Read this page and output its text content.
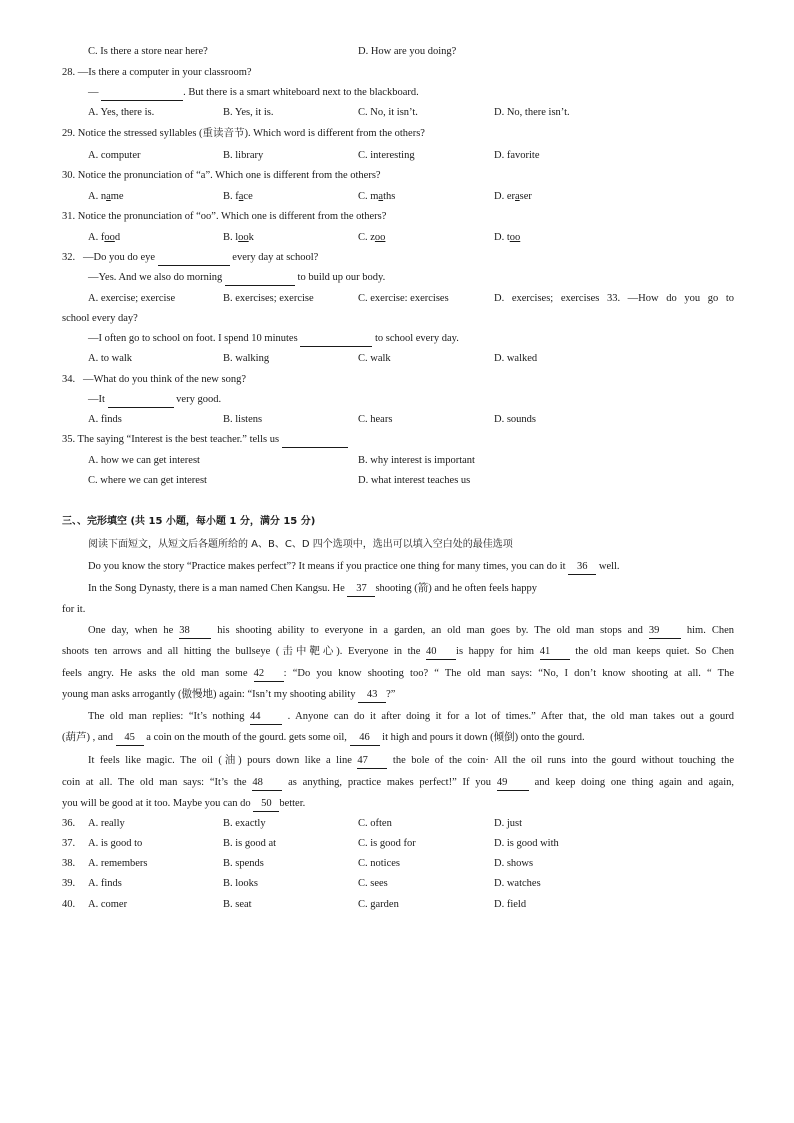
C. Is there a store near here?	D. How are you doing?
28. —Is there a computer in your classroom?
—	. But there is a smart whiteboard next to the blackboard.
A. Yes, there is.	B. Yes, it is.	C. No, it isn’t.	D. No, there isn’t.
29. Notice the stressed syllables (重读音节). Which word is different from the others?
A. computer	B. library	C. interesting	D. favorite
30. Notice the pronunciation of “a”. Which one is different from the others?
A. name	B. face	C. maths	D. eraser
31. Notice the pronunciation of “oo”. Which one is different from the others?
A. food	B. look	C. zoo	D. too
32. —Do you do eye	every day at school?
—Yes. And we also do morning	to build up our body.
A. exercise; exercise	B. exercises; exercise	C. exercise: exercises	D. exercises; exercises 33. —How do you go to
school every day?
—I often go to school on foot. I spend 10 minutes	to school every day.
A. to walk	B. walking	C. walk	D. walked
34. —What do you think of the new song?
—It	very good.
A. finds	B. listens	C. hears	D. sounds
35. The saying “Interest is the best teacher.” tells us
A. how we can get interest	B. why interest is important
C. where we can get interest	D. what interest teaches us
三、、完形填空 (共 15 小题，每小题 1 分，满分 15 分)
阅读下面短文，从短文后各题所给的 A、B、C、D 四个选项中，选出可以填入空白处的最佳选项
Do you know the story “Practice makes perfect”? It means if you practice one thing for many times, you can do it 36 well.
In the Song Dynasty, there is a man named Chen Kangsu. He 37 shooting (箭) and he often feels happy
for it.
One day, when he 38 his shooting ability to everyone in a garden, an old man goes by. The old man stops and 39 him. Chen
shoots ten arrows and all hitting the bullseye (击中靶心). Everyone in the 40 is happy for him 41 the old man keeps quiet. So Chen
feels angry. He asks the old man some 42 : “Do you know shooting too? “ The old man says: “No, I don’t know shooting at all. “ The
young man asks arrogantly (傲慢地) again: “Isn’t my shooting ability 43 ?”
The old man replies: “It’s nothing 44 . Anyone can do it after doing it for a lot of times.” After that, the old man takes out a gourd
(葫芦) , and 45 a coin on the mouth of the gourd. gets some oil, 46 it high and pours it down (倾倒) onto the gourd.
It feels like magic. The oil (油) pours down like a line 47 the bole of the coin· All the oil runs into the gourd without touching the
coin at all. The old man says: “It’s the 48 as anything, practice makes perfect!” If you 49 and keep doing one thing again and again,
you will be good at it too. Maybe you can do 50 better.
36. A. really	B. exactly	C. often	D. just
37. A. is good to	B. is good at	C. is good for	D. is good with
38. A. remembers	B. spends	C. notices	D. shows
39. A. finds	B. looks	C. sees	D. watches
40. A. comer	B. seat	C. garden	D. field
